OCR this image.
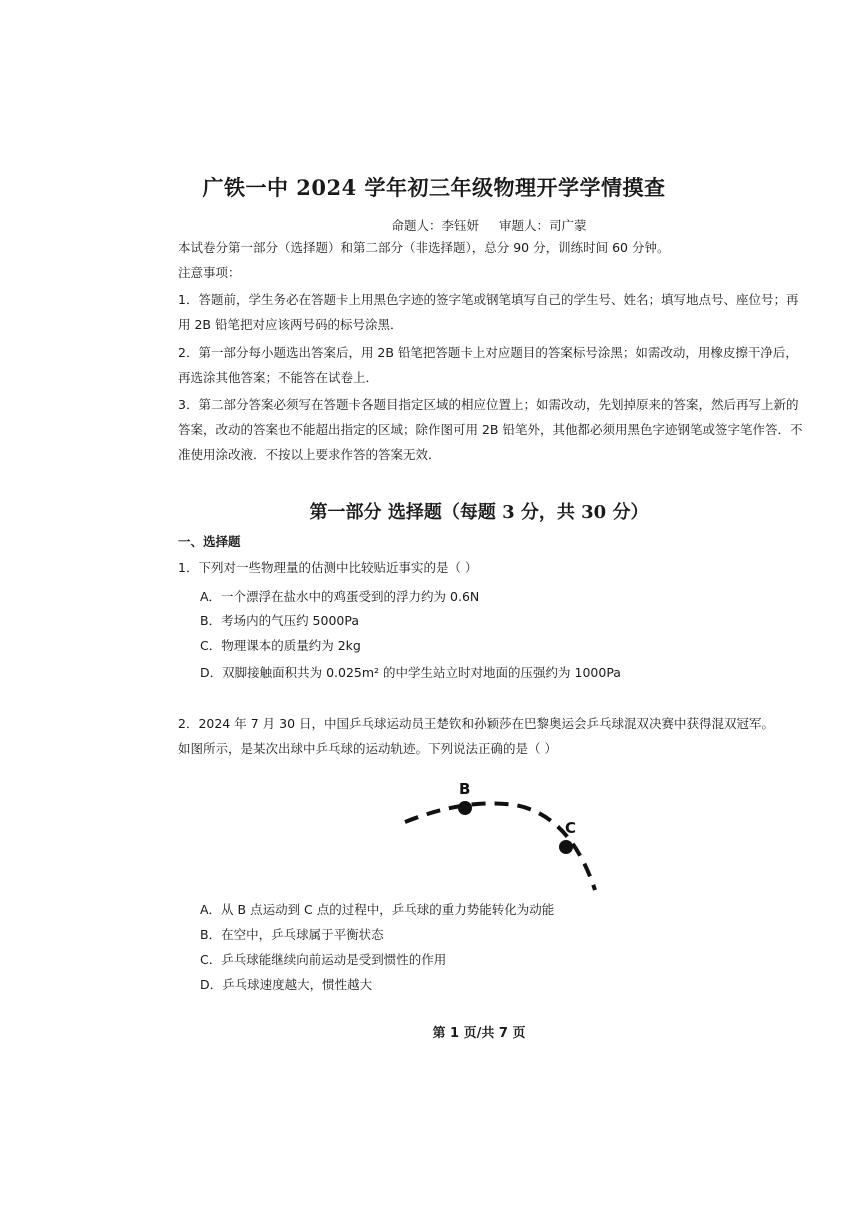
广铁一中 2024 学年初三年级物理开学学情摸查
命题人：李钰妍 审题人：司广蒙
本试卷分第一部分（选择题）和第二部分（非选择题），总分 90 分，训练时间 60 分钟。
注意事项：
1．答题前，学生务必在答题卡上用黑色字迹的签字笔或钢笔填写自己的学生号、姓名；填写地点号、座位号；再用 2B 铅笔把对应该两号码的标号涂黑．
2．第一部分每小题选出答案后，用 2B 铅笔把答题卡上对应题目的答案标号涂黑；如需改动，用橡皮擦干净后，再选涂其他答案；不能答在试卷上．
3．第二部分答案必须写在答题卡各题目指定区域的相应位置上；如需改动，先划掉原来的答案，然后再写上新的答案，改动的答案也不能超出指定的区域；除作图可用 2B 铅笔外，其他都必须用黑色字迹钢笔或签字笔作答．不准使用涂改液．不按以上要求作答的答案无效．
第一部分 选择题（每题 3 分，共 30 分）
一、选择题
1．下列对一些物理量的估测中比较贴近事实的是（ ）
A．一个漂浮在盐水中的鸡蛋受到的浮力约为 0.6N
B．考场内的气压约 5000Pa
C．物理课本的质量约为 2kg
D．双脚接触面积共为 0.025m² 的中学生站立时对地面的压强约为 1000Pa
2．2024 年 7 月 30 日，中国乒乓球运动员王楚钦和孙颖莎在巴黎奥运会乒乓球混双决赛中获得混双冠军。
如图所示，是某次出球中乒乓球的运动轨迹。下列说法正确的是（ ）
B
C
A．从 B 点运动到 C 点的过程中，乒乓球的重力势能转化为动能
B．在空中，乒乓球属于平衡状态
C．乒乓球能继续向前运动是受到惯性的作用
D．乒乓球速度越大，惯性越大
第 1 页/共 7 页
